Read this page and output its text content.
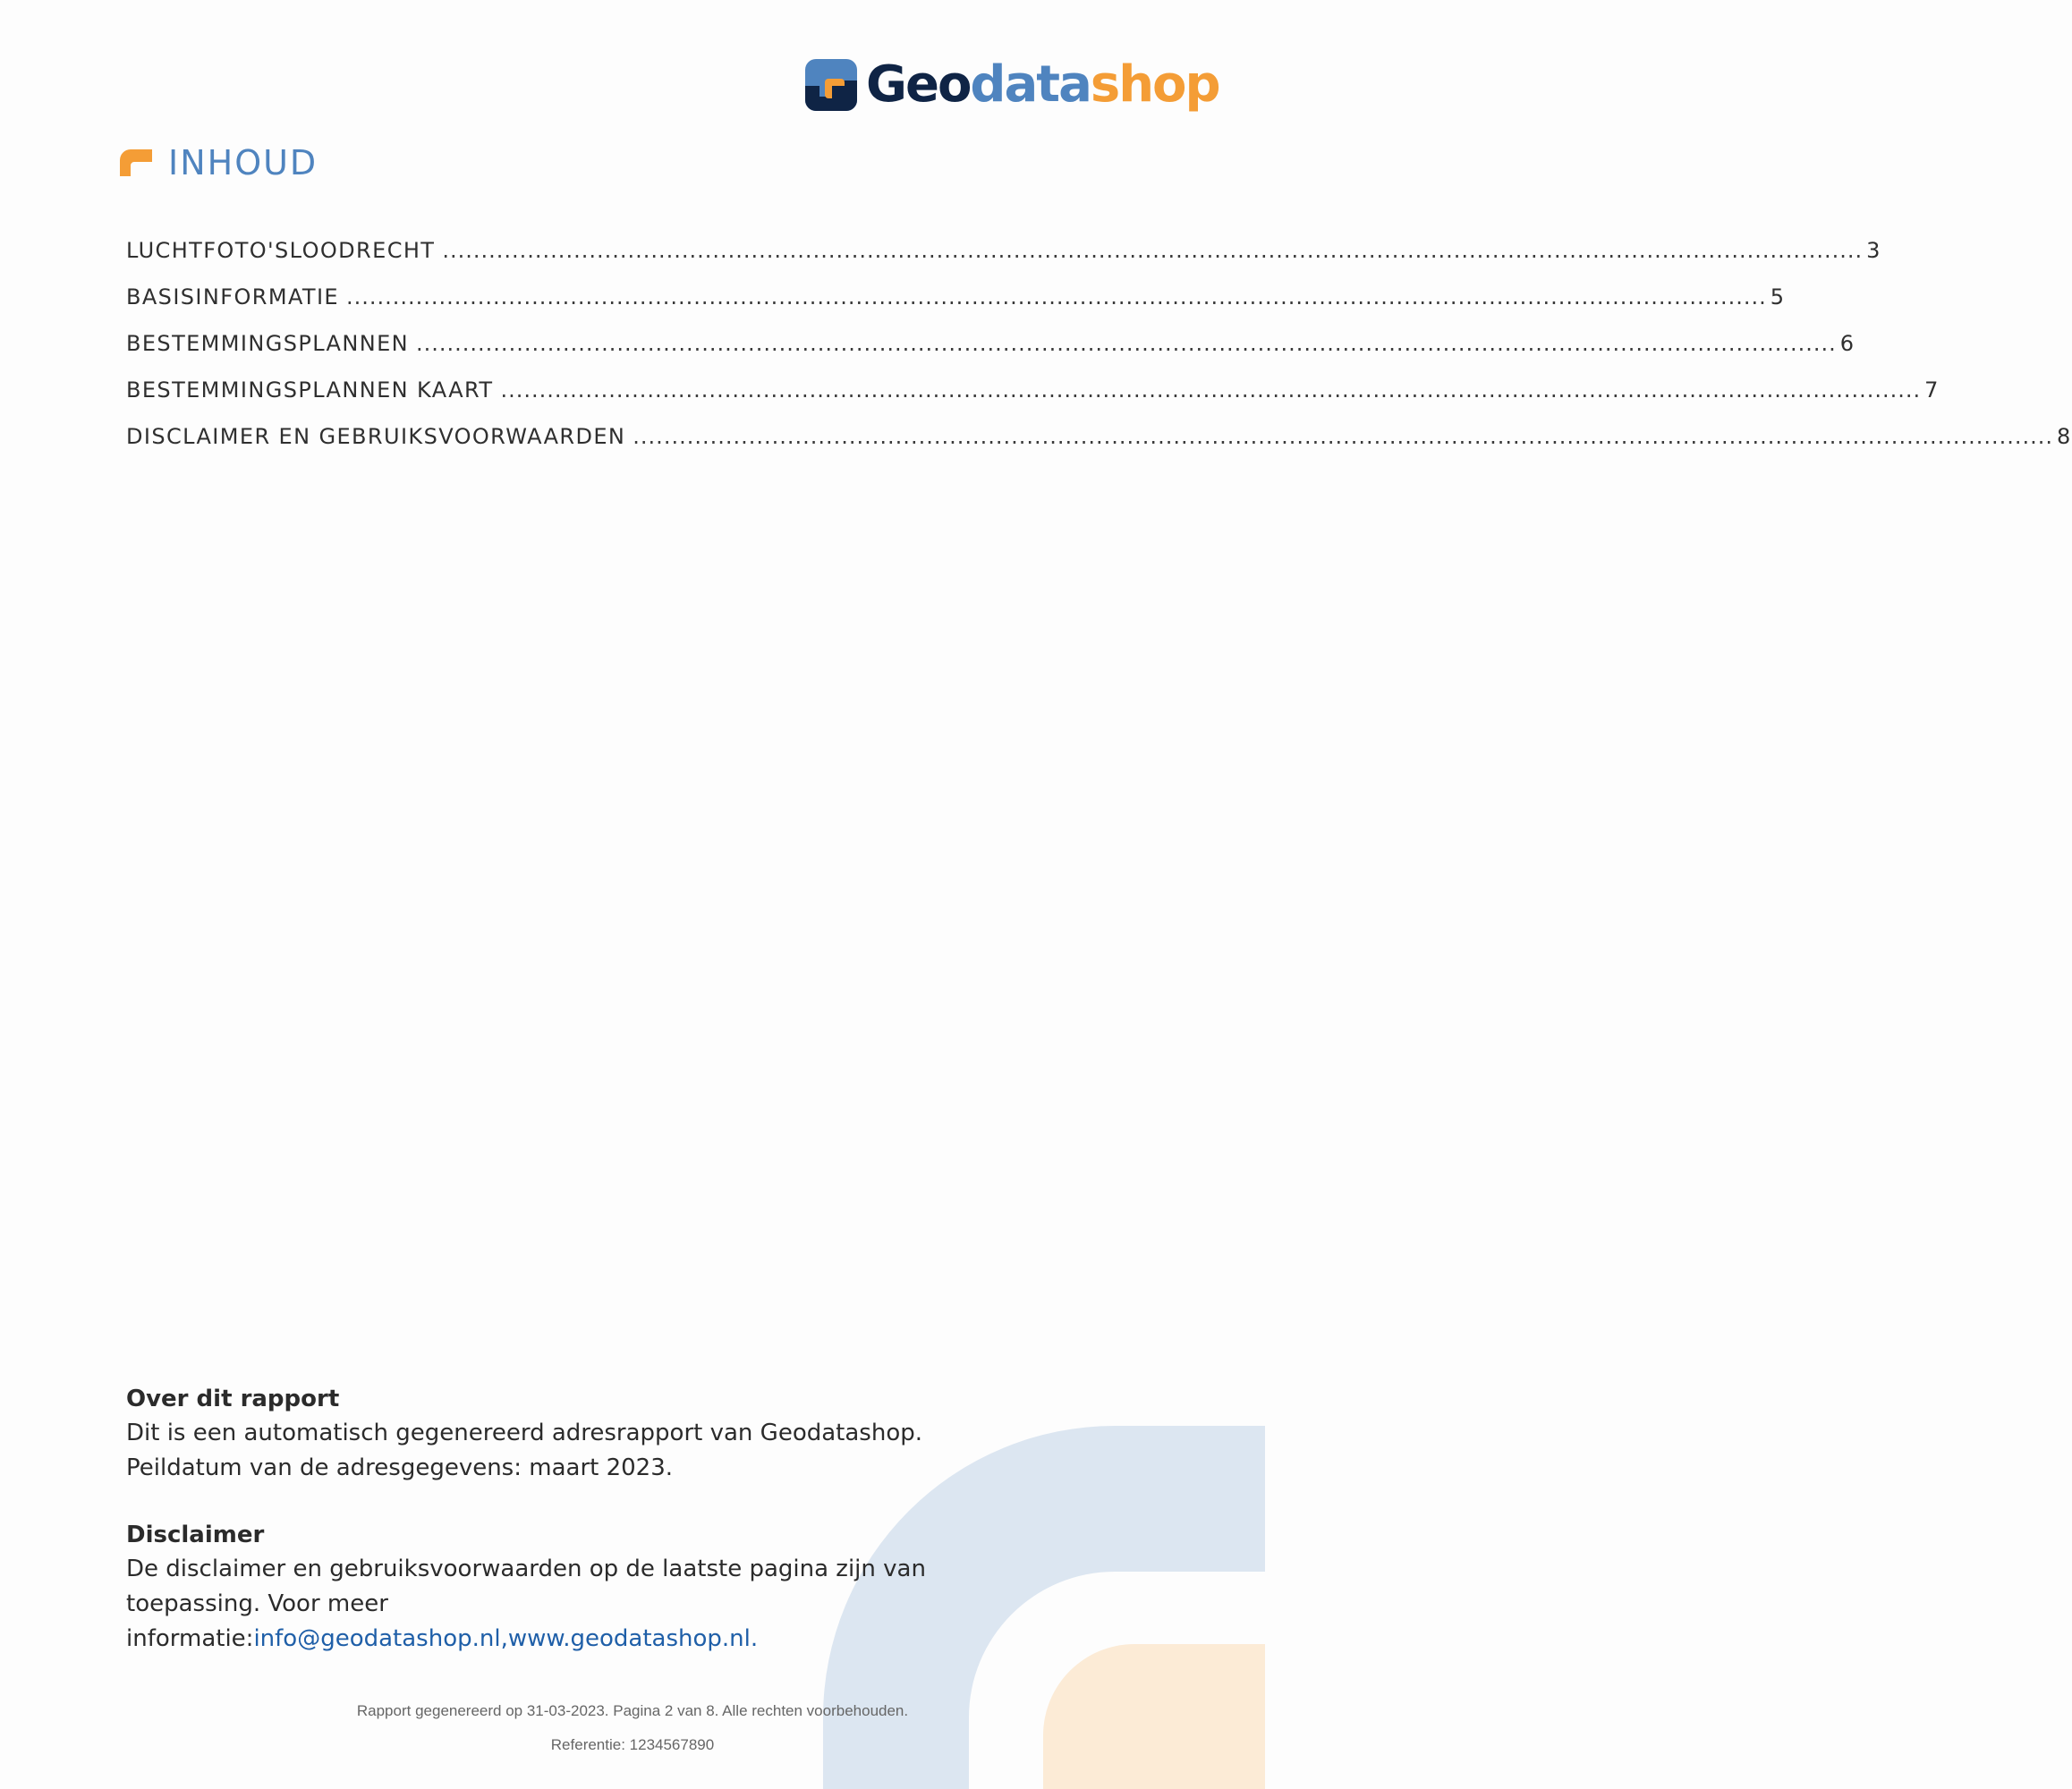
Geodatashop
INHOUD
LUCHTFOTO'SLOODRECHT ........................................................................................................................................................................................ 3
BASISINFORMATIE ........................................................................................................................................................................................ 5
BESTEMMINGSPLANNEN ........................................................................................................................................................................................ 6
BESTEMMINGSPLANNEN KAART ........................................................................................................................................................................................ 7
DISCLAIMER EN GEBRUIKSVOORWAARDEN ........................................................................................................................................................................................ 8
Over dit rapport

Dit is een automatisch gegenereerd adresrapport van Geodatashop.

Peildatum van de adresgegevens: maart 2023.

Disclaimer

De disclaimer en gebruiksvoorwaarden op de laatste pagina zijn van

toepassing. Voor meer informatie:info@geodatashop.nl,www.geodatashop.nl.

Rapport gegenereerd op 31-03-2023. Pagina 2 van 8. Alle rechten voorbehouden.
Referentie: 1234567890
